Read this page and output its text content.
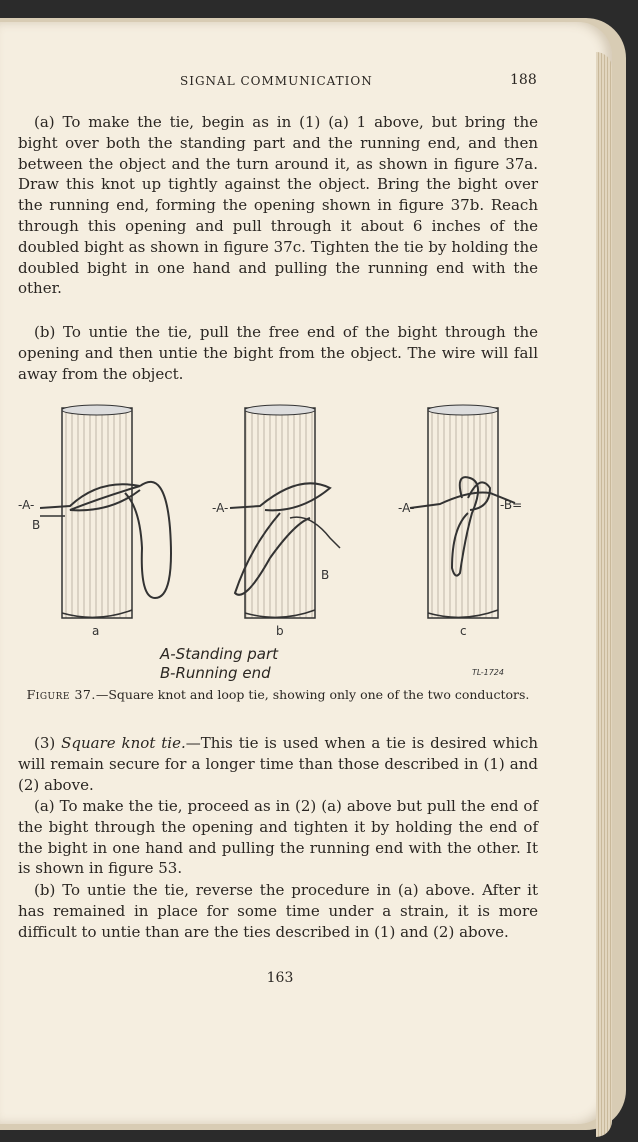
SIGNAL COMMUNICATION	188

(a) To make the tie, begin as in (1) (a) 1 above, but bring the bight over both the standing part and the running end, and then between the object and the turn around it, as shown in figure 37a. Draw this knot up tightly against the object. Bring the bight over the running end, forming the opening shown in figure 37b. Reach through this opening and pull through it about 6 inches of the doubled bight as shown in figure 37c. Tighten the tie by holding the doubled bight in one hand and pulling the running end with the other.

(b) To untie the tie, pull the free end of the bight through the opening and then untie the bight from the object. The wire will fall away from the object.

-A-
B
-A-
B
-A-	-B=
a	b	c
A-Standing part
B-Running end	TL-1724
Figure 37.—Square knot and loop tie, showing only one of the two conductors.

(3) Square knot tie.—This tie is used when a tie is desired which will remain secure for a longer time than those described in (1) and (2) above.

(a) To make the tie, proceed as in (2) (a) above but pull the end of the bight through the opening and tighten it by holding the end of the bight in one hand and pulling the running end with the other. It is shown in figure 53.

(b) To untie the tie, reverse the procedure in (a) above. After it has remained in place for some time under a strain, it is more difficult to untie than are the ties described in (1) and (2) above.

163
